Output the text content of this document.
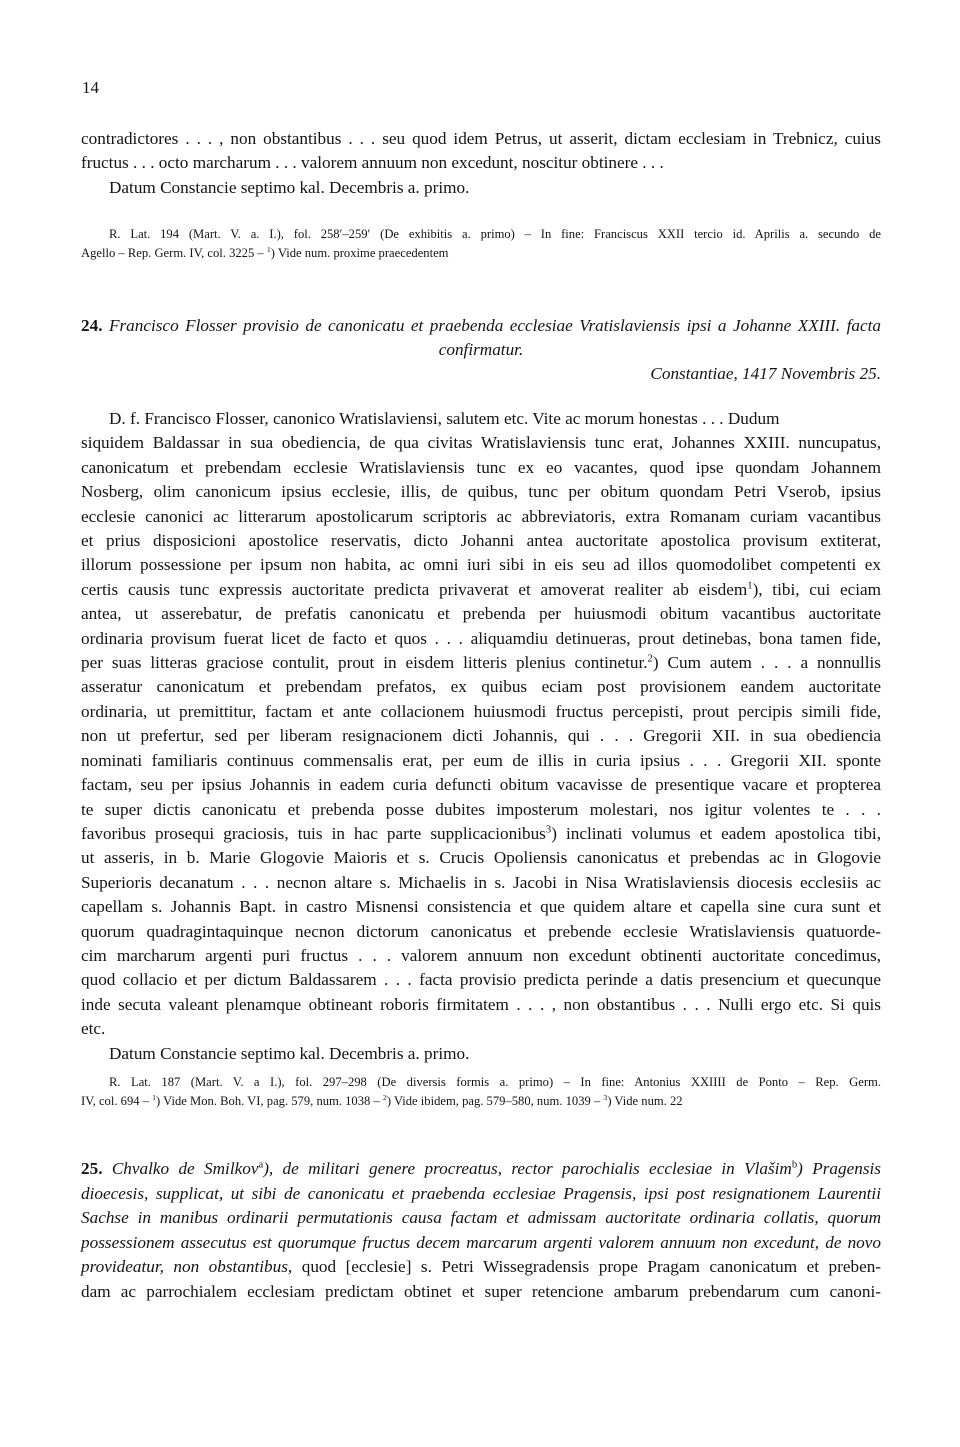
14
contradictores . . . , non obstantibus . . . seu quod idem Petrus, ut asserit, dictam ecclesiam in Trebnicz, cuius
fructus . . . octo marcharum . . . valorem annuum non excedunt, noscitur obtinere . . .
Datum Constancie septimo kal. Decembris a. primo.
R. Lat. 194 (Mart. V. a. I.), fol. 258′–259′ (De exhibitis a. primo) – In fine: Franciscus XXII tercio id. Aprilis a. secundo de
Agello – Rep. Germ. IV, col. 3225 – $^1$) Vide num. proxime praecedentem
24. Francisco Flosser provisio de canonicatu et praebenda ecclesiae Vratislaviensis ipsi a Johanne XXIII. facta
confirmatur.
Constantiae, 1417 Novembris 25.
D. f. Francisco Flosser, canonico Wratislaviensi, salutem etc. Vite ac morum honestas . . . Dudum
siquidem Baldassar in sua obediencia, de qua civitas Wratislaviensis tunc erat, Johannes XXIII. nuncupatus,
canonicatum et prebendam ecclesie Wratislaviensis tunc ex eo vacantes, quod ipse quondam Johannem
Nosberg, olim canonicum ipsius ecclesie, illis, de quibus, tunc per obitum quondam Petri Vserob, ipsius
ecclesie canonici ac litterarum apostolicarum scriptoris ac abbreviatoris, extra Romanam curiam vacantibus
et prius disposicioni apostolice reservatis, dicto Johanni antea auctoritate apostolica provisum extiterat,
illorum possessione per ipsum non habita, ac omni iuri sibi in eis seu ad illos quomodolibet competenti ex
certis causis tunc expressis auctoritate predicta privaverat et amoverat realiter ab eisdem$^1$), tibi, cui eciam
antea, ut asserebatur, de prefatis canonicatu et prebenda per huiusmodi obitum vacantibus auctoritate
ordinaria provisum fuerat licet de facto et quos . . . aliquamdiu detinueras, prout detinebas, bona tamen fide,
per suas litteras graciose contulit, prout in eisdem litteris plenius continetur.$^2$) Cum autem . . . a nonnullis
asseratur canonicatum et prebendam prefatos, ex quibus eciam post provisionem eandem auctoritate
ordinaria, ut premittitur, factam et ante collacionem huiusmodi fructus percepisti, prout percipis simili fide,
non ut prefertur, sed per liberam resignacionem dicti Johannis, qui . . . Gregorii XII. in sua obediencia
nominati familiaris continuus commensalis erat, per eum de illis in curia ipsius . . . Gregorii XII. sponte
factam, seu per ipsius Johannis in eadem curia defuncti obitum vacavisse de presentique vacare et propterea
te super dictis canonicatu et prebenda posse dubites imposterum molestari, nos igitur volentes te . . .
favoribus prosequi graciosis, tuis in hac parte supplicacionibus$^3$) inclinati volumus et eadem apostolica tibi,
ut asseris, in b. Marie Glogovie Maioris et s. Crucis Opoliensis canonicatus et prebendas ac in Glogovie
Superioris decanatum . . . necnon altare s. Michaelis in s. Jacobi in Nisa Wratislaviensis diocesis ecclesiis ac
capellam s. Johannis Bapt. in castro Misnensi consistencia et que quidem altare et capella sine cura sunt et
quorum quadragintaquinque necnon dictorum canonicatus et prebende ecclesie Wratislaviensis quatuorde-
cim marcharum argenti puri fructus . . . valorem annuum non excedunt obtinenti auctoritate concedimus,
quod collacio et per dictum Baldassarem . . . facta provisio predicta perinde a datis presencium et quecunque
inde secuta valeant plenamque obtineant roboris firmitatem . . . , non obstantibus . . . Nulli ergo etc. Si quis
etc.
Datum Constancie septimo kal. Decembris a. primo.
R. Lat. 187 (Mart. V. a I.), fol. 297–298 (De diversis formis a. primo) – In fine: Antonius XXIIII de Ponto – Rep. Germ.
IV, col. 694 – $^1$) Vide Mon. Boh. VI, pag. 579, num. 1038 – $^2$) Vide ibidem, pag. 579–580, num. 1039 – $^3$) Vide num. 22
25. Chvalko de Smilkov$^a$), de militari genere procreatus, rector parochialis ecclesiae in Vlašim$^b$) Pragensis
dioecesis, supplicat, ut sibi de canonicatu et praebenda ecclesiae Pragensis, ipsi post resignationem Laurentii
Sachse in manibus ordinarii permutationis causa factam et admissam auctoritate ordinaria collatis, quorum
possessionem assecutus est quorumque fructus decem marcarum argenti valorem annuum non excedunt, de novo
provideatur, non obstantibus, quod [ecclesie] s. Petri Wissegradensis prope Pragam canonicatum et preben-
dam ac parrochialem ecclesiam predictam obtinet et super retencione ambarum prebendarum cum canoni-
